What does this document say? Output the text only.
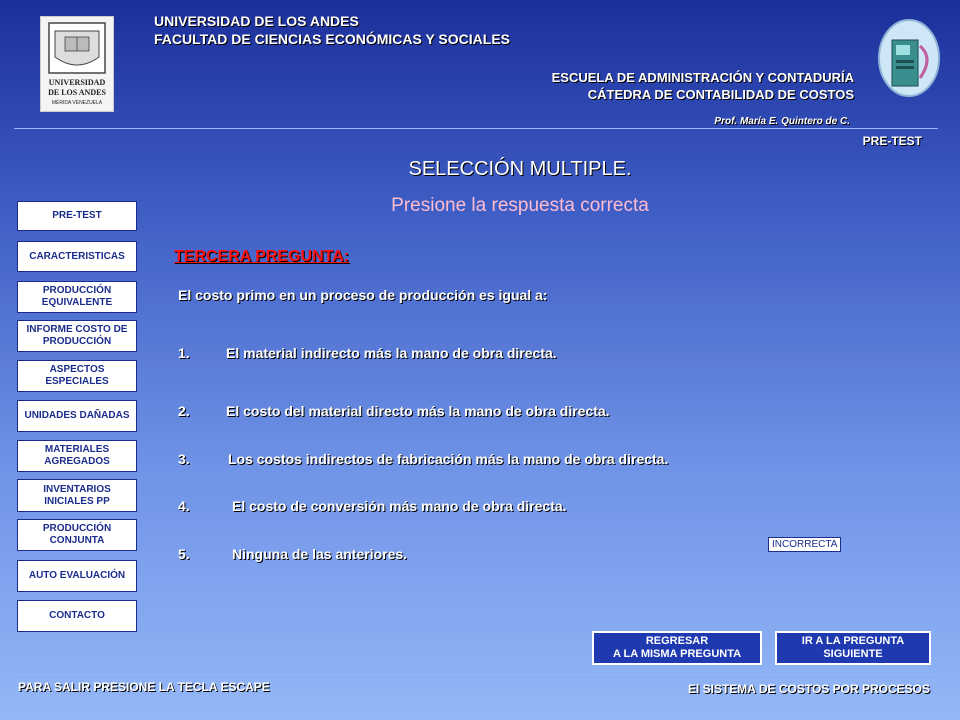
UNIVERSIDAD
DE LOS ANDES
MÉRIDA VENEZUELA
UNIVERSIDAD DE LOS ANDES
FACULTAD DE CIENCIAS ECONÓMICAS Y SOCIALES
ESCUELA DE ADMINISTRACIÓN Y CONTADURÍA
CÁTEDRA DE CONTABILIDAD DE COSTOS
Prof. María E. Quintero de C.
PRE-TEST
SELECCIÓN MULTIPLE.
Presione la respuesta correcta
PRE-TEST
CARACTERISTICAS
PRODUCCIÓN EQUIVALENTE
INFORME COSTO DE PRODUCCIÓN
ASPECTOS ESPECIALES
UNIDADES DAÑADAS
MATERIALES AGREGADOS
INVENTARIOS INICIALES PP
PRODUCCIÓN CONJUNTA
AUTO EVALUACIÓN
CONTACTO
TERCERA PREGUNTA:
El costo primo en un proceso de producción es igual a:
1.	El material indirecto más la mano de obra directa.
2.	El costo del material directo más la mano de obra directa.
3.	Los costos indirectos de fabricación más la mano de obra directa.
4.	El costo de conversión más mano de obra directa.
5.	Ninguna de las anteriores.
INCORRECTA
REGRESAR
A LA MISMA PREGUNTA
IR A LA PREGUNTA
SIGUIENTE
PARA SALIR PRESIONE LA TECLA ESCAPE	El SISTEMA DE COSTOS POR PROCESOS
